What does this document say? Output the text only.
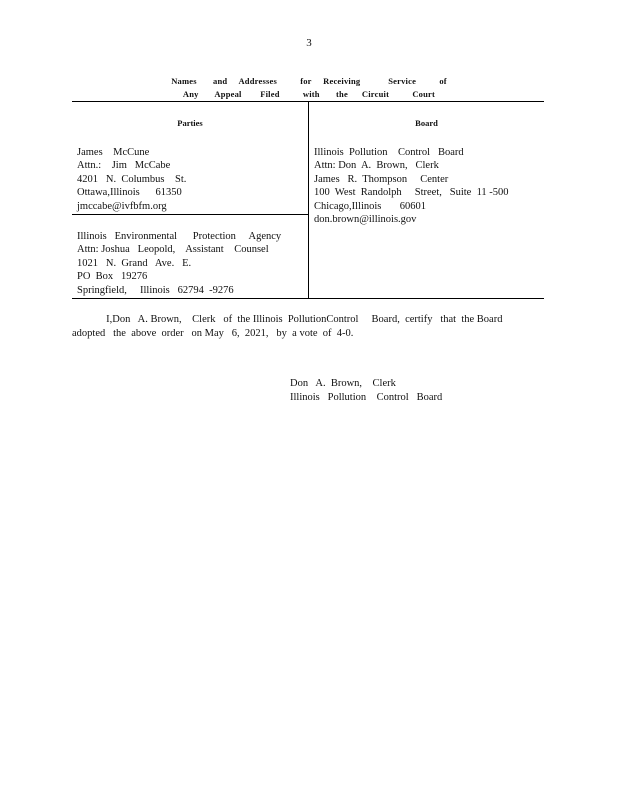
3
Names       and     Addresses          for     Receiving            Service          of
Any       Appeal        Filed          with       the      Circuit          Court
Parties	Board
James    McCune
Attn.:    Jim   McCabe
4201   N.  Columbus    St.
Ottawa,Illinois      61350
jmccabe@ivfbfm.org
Illinois   Environmental      Protection     Agency
Attn: Joshua   Leopold,    Assistant    Counsel
1021   N.  Grand   Ave.   E.
PO  Box   19276
Springfield,     Illinois   62794  -9276
Illinois  Pollution    Control   Board
Attn: Don  A.  Brown,   Clerk
James   R.  Thompson     Center
100  West  Randolph     Street,   Suite  11 -500
Chicago,Illinois       60601
don.brown@illinois.gov
I,Don   A. Brown,    Clerk   of  the Illinois  PollutionControl     Board,  certify   that  the Board
adopted   the  above  order   on May   6,  2021,   by  a vote  of  4-0.
Don   A.  Brown,    Clerk
Illinois   Pollution    Control   Board
